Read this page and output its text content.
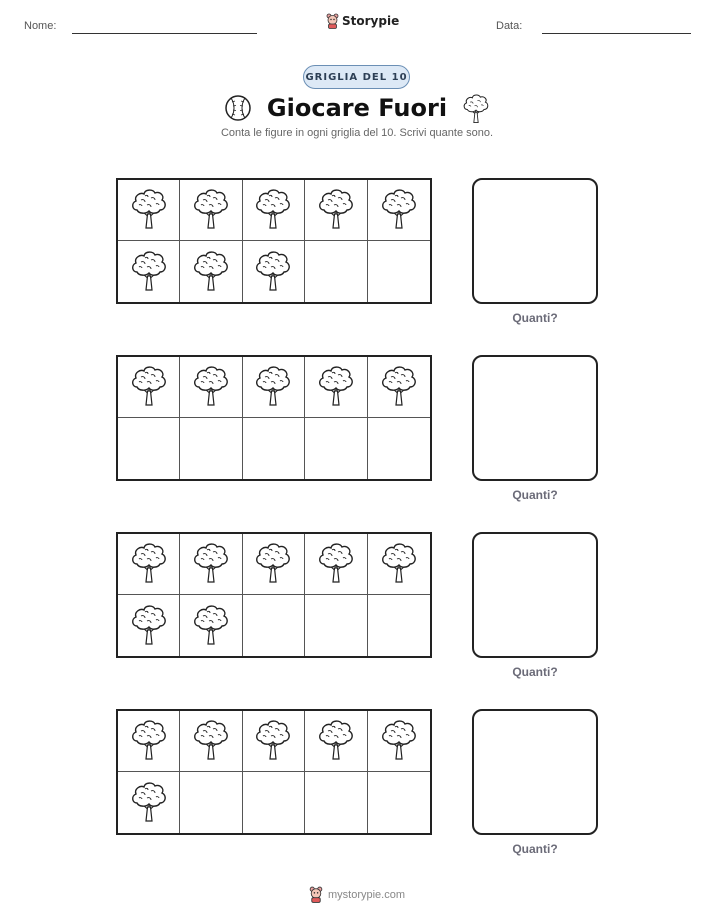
Nome:	Storypie	Data:
GRIGLIA DEL 10
Giocare Fuori
Conta le figure in ogni griglia del 10. Scrivi quante sono.
Quanti?
Quanti?
Quanti?
Quanti?
mystorypie.com
